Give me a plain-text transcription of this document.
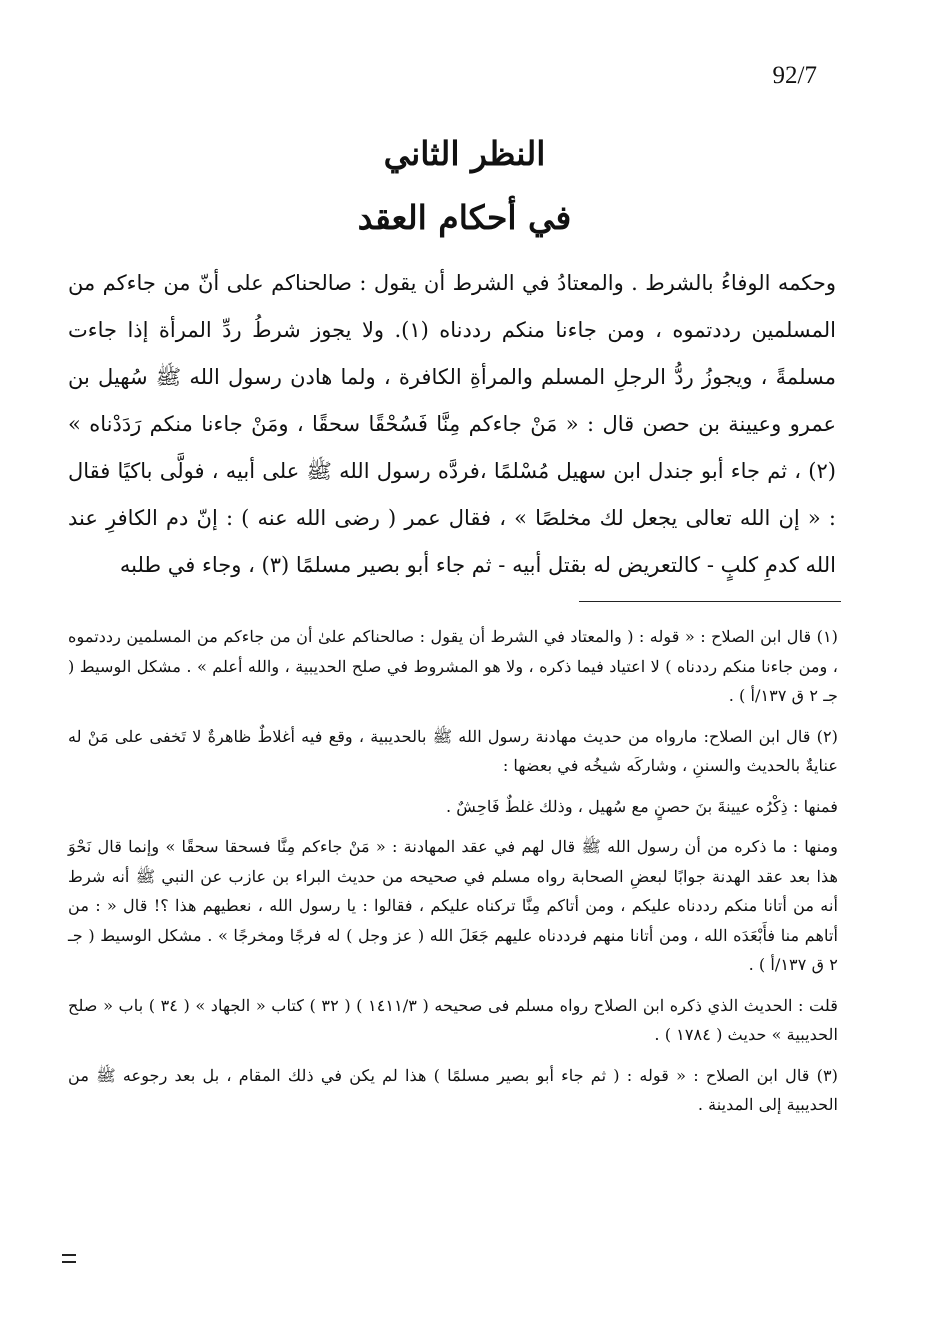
92/7
النظر الثاني
في أحكام العقد

وحكمه الوفاءُ بالشرط . والمعتادُ في الشرط أن يقول : صالحناكم على أنّ من جاءكم من المسلمين رددتموه ، ومن جاءنا منكم رددناه (١). ولا يجوز شرطُ ردِّ المرأة إذا جاءت مسلمةً ، ويجوزُ ردُّ الرجلِ المسلم والمرأةِ الكافرة ، ولما هادن رسول الله ﷺ سُهيل بن عمرو وعيينة بن حصن قال : « مَنْ جاءكم مِنَّا فَسُحْقًا سحقًا ، ومَنْ جاءنا منكم رَدَدْناه » (٢) ، ثم جاء أبو جندل ابن سهيل مُسْلمًا ،فردَّه رسول الله ﷺ على أبيه ، فولَّى باكيًا فقال : « إن الله تعالى يجعل لك مخلصًا » ، فقال عمر ( رضى الله عنه ) : إنّ دم الكافرِ عند الله كدمِ كلبٍ - كالتعريض له بقتل أبيه - ثم جاء أبو بصير مسلمًا (٣) ، وجاء في طلبه

(١) قال ابن الصلاح : « قوله : ( والمعتاد في الشرط أن يقول : صالحناكم علىٰ أن من جاءكم من المسلمين رددتموه ، ومن جاءنا منكم رددناه ) لا اعتياد فيما ذكره ، ولا هو المشروط في صلح الحديبية ، والله أعلم » . مشكل الوسيط ( جـ ٢ ق ١٣٧/أ ) .

(٢) قال ابن الصلاح: مارواه من حديث مهادنة رسول الله ﷺ بالحديبية ، وقع فيه أغلاطٌ ظاهرةٌ لا تَخفى على مَنْ له عنايةٌ بالحديث والسننِ ، وشاركَه شيخُه في بعضها :

فمنها : ذِكْرُه عيينةَ بنَ حصنٍ مع سُهيل ، وذلك غلطٌ فَاحِشٌ .

ومنها : ما ذكره من أن رسول الله ﷺ قال لهم في عقد المهادنة : « مَنْ جاءكم مِنَّا فسحقا سحقًا » وإنما قال نَحْوَ هذا بعد عقد الهدنة جوابًا لبعضِ الصحابة رواه مسلم في صحيحه من حديث البراء بن عازب عن النبي ﷺ أنه شرط أنه من أتانا منكم رددناه عليكم ، ومن أتاكم مِنَّا تركناه عليكم ، فقالوا : يا رسول الله ، نعطيهم هذا ؟! قال « : من أتاهم منا فأَبْعَدَه الله ، ومن أتانا منهم فرددناه عليهم جَعَلَ الله ( عز وجل ) له فرجًا ومخرجًا » . مشكل الوسيط ( جـ ٢ ق ١٣٧/أ ) .

قلت : الحديث الذي ذكره ابن الصلاح رواه مسلم فى صحيحه ( ١٤١١/٣ ) ( ٣٢ ) كتاب « الجهاد » ( ٣٤ ) باب « صلح الحديبية » حديث ( ١٧٨٤ ) .

(٣) قال ابن الصلاح : « قوله : ( ثم جاء أبو بصير مسلمًا ) هذا لم يكن في ذلك المقام ، بل بعد رجوعه ﷺ من الحديبية إلى المدينة .
